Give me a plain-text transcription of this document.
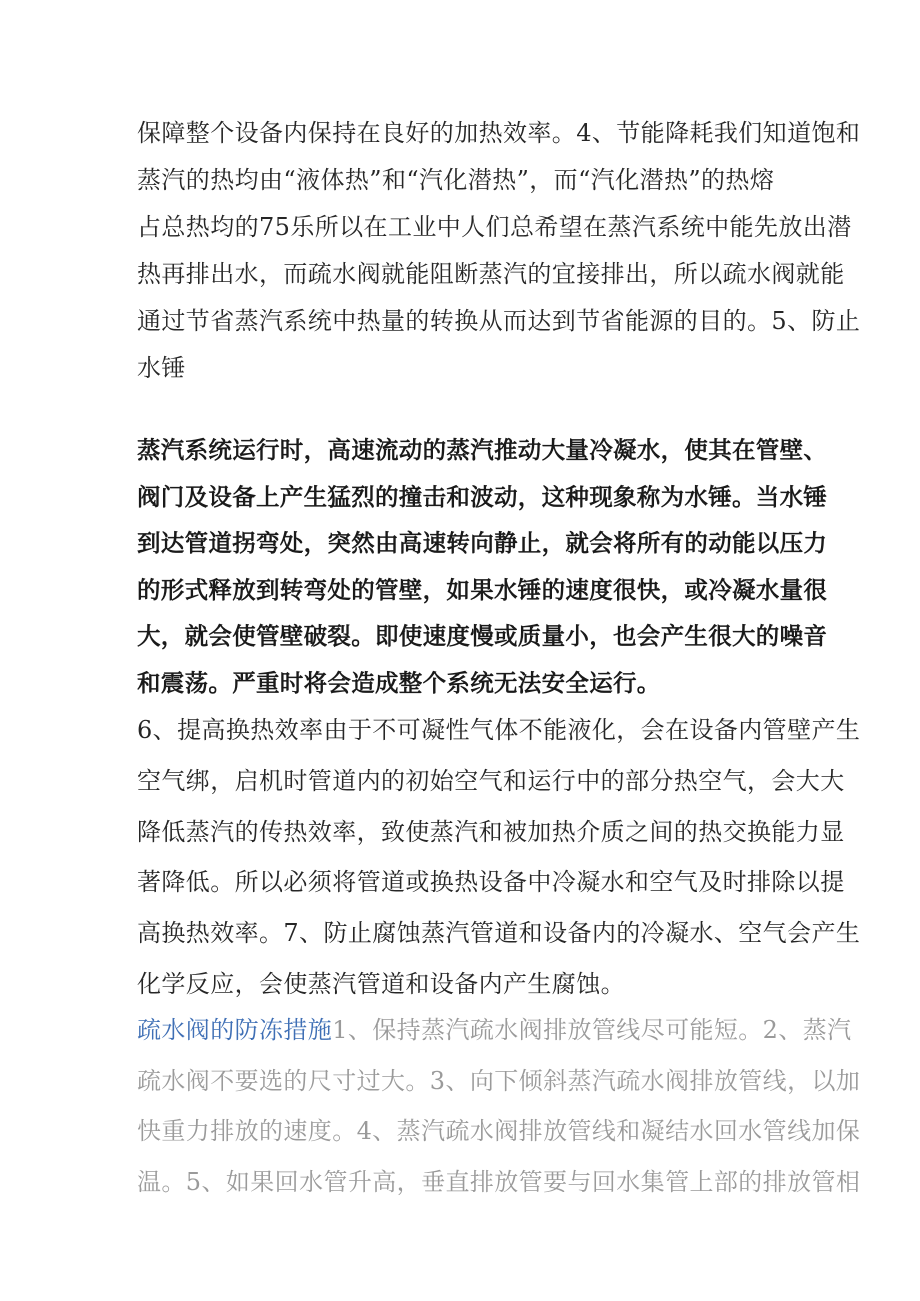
保障整个设备内保持在良好的加热效率。4、节能降耗我们知道饱和
蒸汽的热均由“液体热”和“汽化潜热”，而“汽化潜热”的热熔
占总热均的75乐所以在工业中人们总希望在蒸汽系统中能先放出潜
热再排出水，而疏水阀就能阻断蒸汽的宜接排出，所以疏水阀就能
通过节省蒸汽系统中热量的转换从而达到节省能源的目的。5、防止
水锤

蒸汽系统运行时，高速流动的蒸汽推动大量冷凝水，使其在管壁、
阀门及设备上产生猛烈的撞击和波动，这种现象称为水锤。当水锤
到达管道拐弯处，突然由高速转向静止，就会将所有的动能以压力
的形式释放到转弯处的管壁，如果水锤的速度很快，或冷凝水量很
大，就会使管壁破裂。即使速度慢或质量小，也会产生很大的噪音
和震荡。严重时将会造成整个系统无法安全运行。

6、提高换热效率由于不可凝性气体不能液化，会在设备内管壁产生
空气绑，启机时管道内的初始空气和运行中的部分热空气，会大大
降低蒸汽的传热效率，致使蒸汽和被加热介质之间的热交换能力显
著降低。所以必须将管道或换热设备中冷凝水和空气及时排除以提
高换热效率。7、防止腐蚀蒸汽管道和设备内的冷凝水、空气会产生
化学反应，会使蒸汽管道和设备内产生腐蚀。

疏水阀的防冻措施1、保持蒸汽疏水阀排放管线尽可能短。2、蒸汽
疏水阀不要选的尺寸过大。3、向下倾斜蒸汽疏水阀排放管线，以加
快重力排放的速度。4、蒸汽疏水阀排放管线和凝结水回水管线加保
温。5、如果回水管升高，垂直排放管要与回水集管上部的排放管相
